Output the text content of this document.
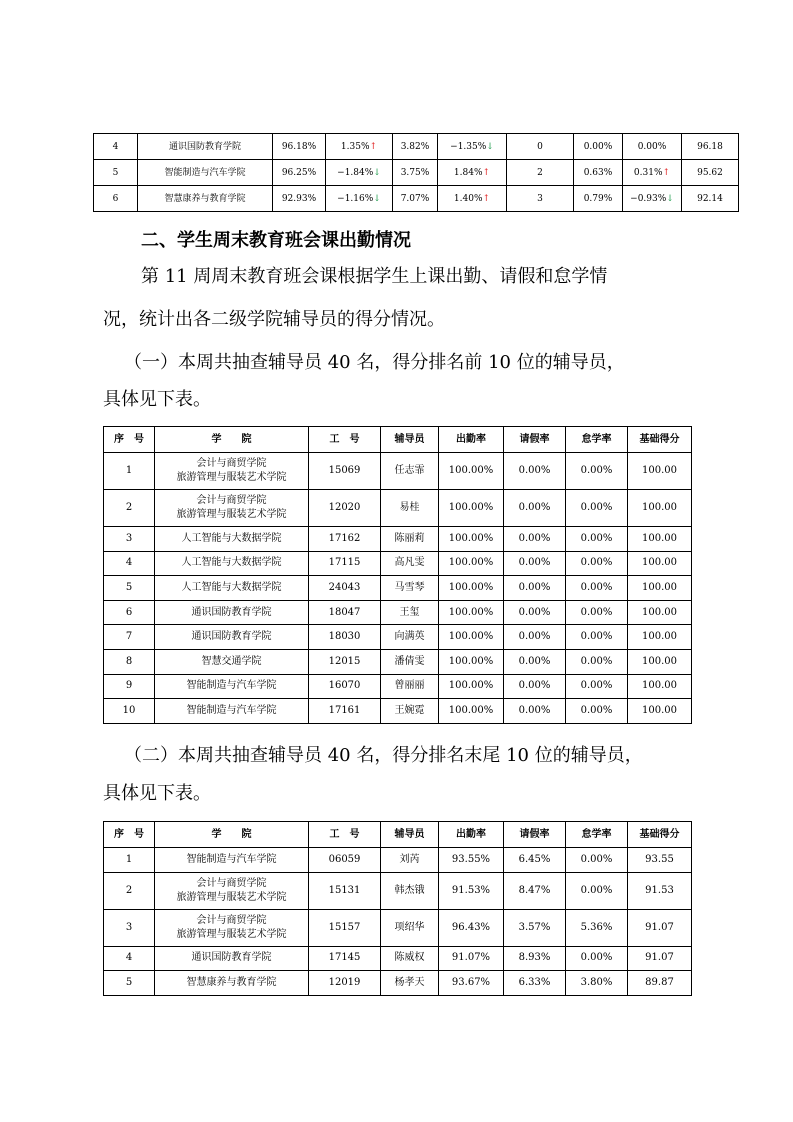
4	通识国防教育学院	96.18%	1.35%↑	3.82%	−1.35%↓	0	0.00%	0.00%	96.18
5	智能制造与汽车学院	96.25%	−1.84%↓	3.75%	1.84%↑	2	0.63%	0.31%↑	95.62
6	智慧康养与教育学院	92.93%	−1.16%↓	7.07%	1.40%↑	3	0.79%	−0.93%↓	92.14
二、学生周末教育班会课出勤情况

第 11 周周末教育班会课根据学生上课出勤、请假和怠学情

况，统计出各二级学院辅导员的得分情况。

（一）本周共抽查辅导员 40 名，得分排名前 10 位的辅导员，

具体见下表。

序　号	学　　院	工　号	辅导员	出勤率	请假率	怠学率	基础得分
1	会计与商贸学院
旅游管理与服装艺术学院	15069	任志霏	100.00%	0.00%	0.00%	100.00
2	会计与商贸学院
旅游管理与服装艺术学院	12020	易桂	100.00%	0.00%	0.00%	100.00
3	人工智能与大数据学院	17162	陈丽莉	100.00%	0.00%	0.00%	100.00
4	人工智能与大数据学院	17115	高凡雯	100.00%	0.00%	0.00%	100.00
5	人工智能与大数据学院	24043	马雪琴	100.00%	0.00%	0.00%	100.00
6	通识国防教育学院	18047	王玺	100.00%	0.00%	0.00%	100.00
7	通识国防教育学院	18030	向满英	100.00%	0.00%	0.00%	100.00
8	智慧交通学院	12015	潘倩雯	100.00%	0.00%	0.00%	100.00
9	智能制造与汽车学院	16070	曾丽丽	100.00%	0.00%	0.00%	100.00
10	智能制造与汽车学院	17161	王婉霓	100.00%	0.00%	0.00%	100.00

（二）本周共抽查辅导员 40 名，得分排名末尾 10 位的辅导员，

具体见下表。

序　号	学　　院	工　号	辅导员	出勤率	请假率	怠学率	基础得分
1	智能制造与汽车学院	06059	刘芮	93.55%	6.45%	0.00%	93.55
2	会计与商贸学院
旅游管理与服装艺术学院	15131	韩杰锇	91.53%	8.47%	0.00%	91.53
3	会计与商贸学院
旅游管理与服装艺术学院	15157	项绍华	96.43%	3.57%	5.36%	91.07
4	通识国防教育学院	17145	陈威权	91.07%	8.93%	0.00%	91.07
5	智慧康养与教育学院	12019	杨孝天	93.67%	6.33%	3.80%	89.87
